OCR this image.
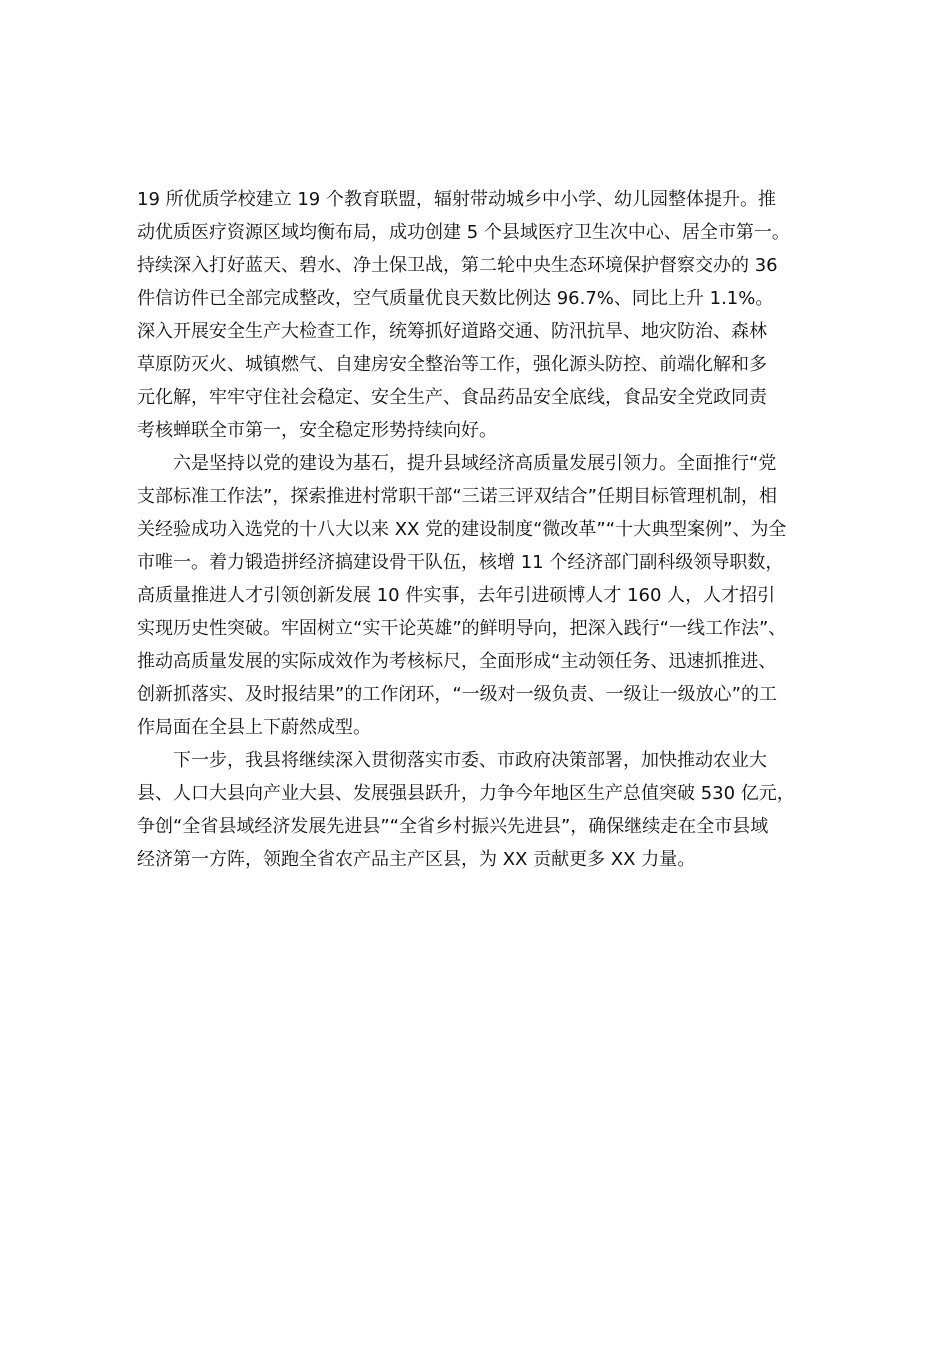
19 所优质学校建立 19 个教育联盟，辐射带动城乡中小学、幼儿园整体提升。推
动优质医疗资源区域均衡布局，成功创建 5 个县域医疗卫生次中心、居全市第一。
持续深入打好蓝天、碧水、净土保卫战，第二轮中央生态环境保护督察交办的 36
件信访件已全部完成整改，空气质量优良天数比例达 96.7%、同比上升 1.1%。
深入开展安全生产大检查工作，统筹抓好道路交通、防汛抗旱、地灾防治、森林
草原防灭火、城镇燃气、自建房安全整治等工作，强化源头防控、前端化解和多
元化解，牢牢守住社会稳定、安全生产、食品药品安全底线，食品安全党政同责
考核蝉联全市第一，安全稳定形势持续向好。
六是坚持以党的建设为基石，提升县域经济高质量发展引领力。全面推行“党
支部标准工作法”，探索推进村常职干部“三诺三评双结合”任期目标管理机制，相
关经验成功入选党的十八大以来 XX 党的建设制度“微改革”“十大典型案例”、为全
市唯一。着力锻造拼经济搞建设骨干队伍，核增 11 个经济部门副科级领导职数，
高质量推进人才引领创新发展 10 件实事，去年引进硕博人才 160 人，人才招引
实现历史性突破。牢固树立“实干论英雄”的鲜明导向，把深入践行“一线工作法”、
推动高质量发展的实际成效作为考核标尺，全面形成“主动领任务、迅速抓推进、
创新抓落实、及时报结果”的工作闭环，“一级对一级负责、一级让一级放心”的工
作局面在全县上下蔚然成型。
下一步，我县将继续深入贯彻落实市委、市政府决策部署，加快推动农业大
县、人口大县向产业大县、发展强县跃升，力争今年地区生产总值突破 530 亿元，
争创“全省县域经济发展先进县”“全省乡村振兴先进县”，确保继续走在全市县域
经济第一方阵，领跑全省农产品主产区县，为 XX 贡献更多 XX 力量。
